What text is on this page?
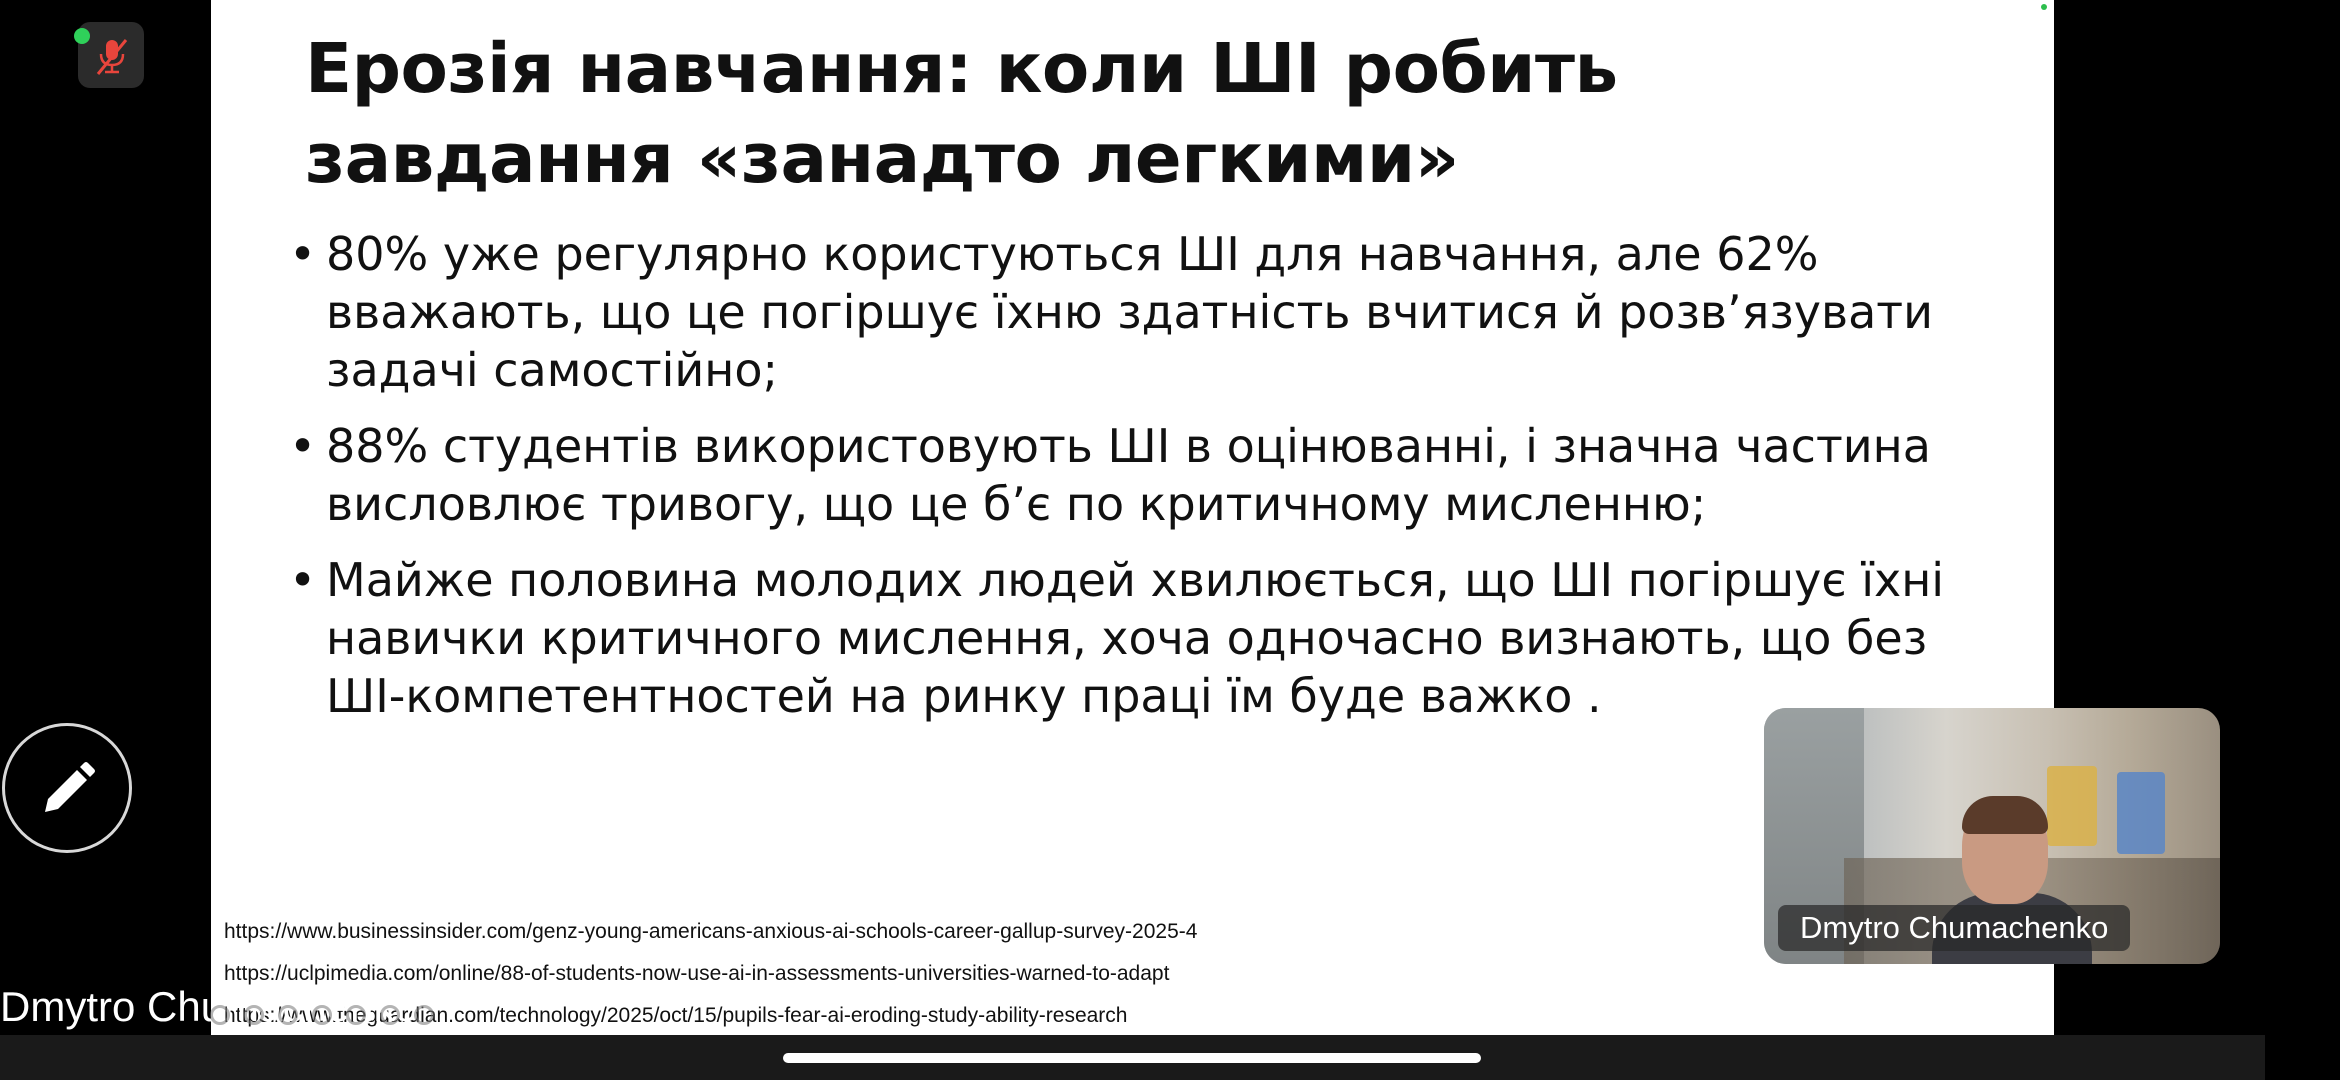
Ерозія навчання: коли ШІ робить завдання «занадто легкими»
• 80% уже регулярно користуються ШІ для навчання, але 62% вважають, що це погіршує їхню здатність вчитися й розв’язувати задачі самостійно;
• 88% студентів використовують ШІ в оцінюванні, і значна частина висловлює тривогу, що це б’є по критичному мисленню;
• Майже половина молодих людей хвилюється, що ШІ погіршує їхні навички критичного мислення, хоча одночасно визнають, що без ШІ-компетентностей на ринку праці їм буде важко .
https://www.businessinsider.com/genz-young-americans-anxious-ai-schools-career-gallup-survey-2025-4
https://uclpimedia.com/online/88-of-students-now-use-ai-in-assessments-universities-warned-to-adapt
https://www.theguardian.com/technology/2025/oct/15/pupils-fear-ai-eroding-study-ability-research
Dmytro Chumachenko
Dmytro Chumachenko
